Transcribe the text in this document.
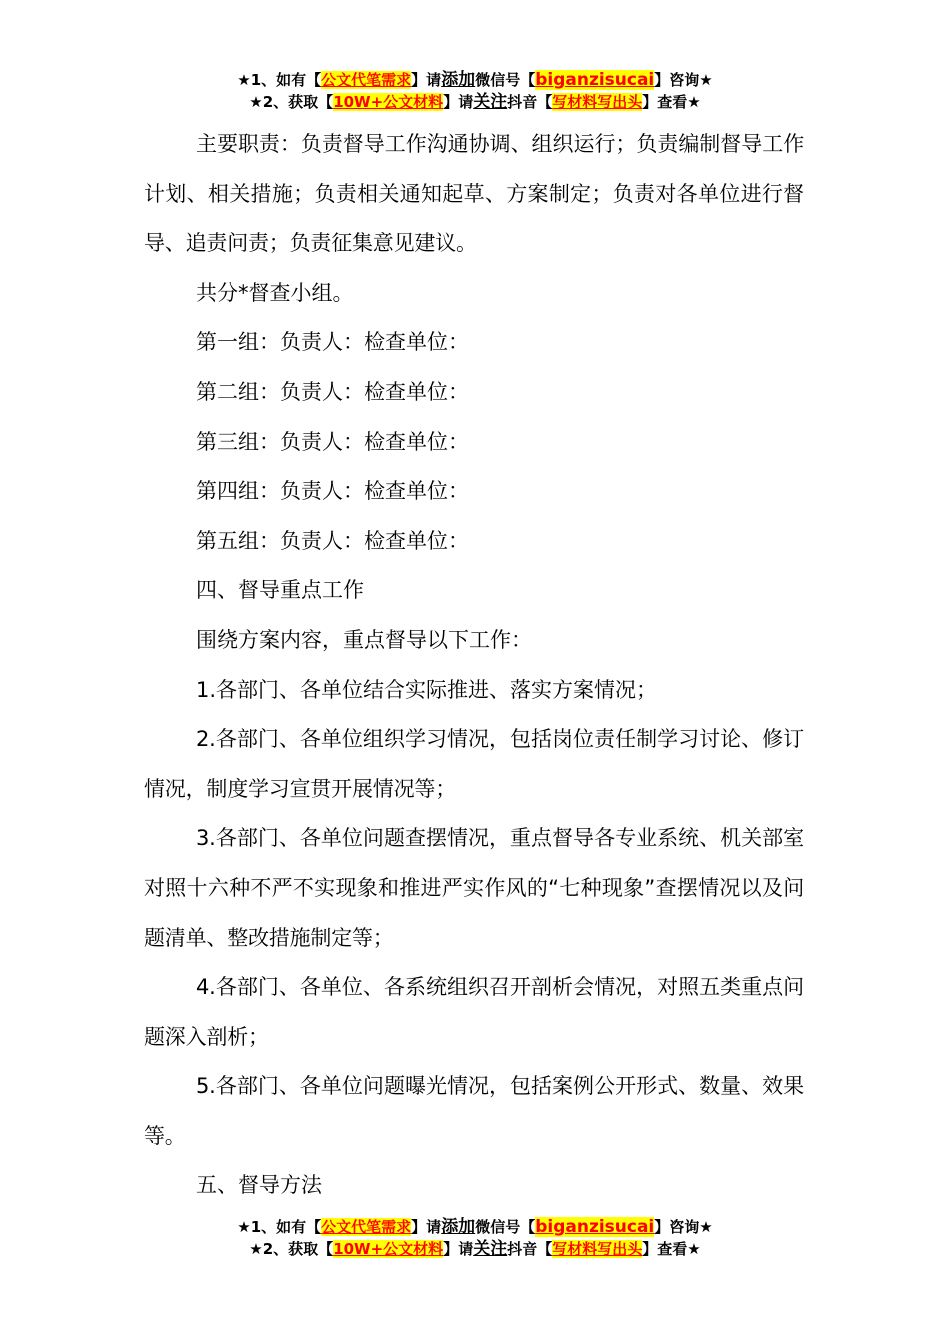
★1、如有【公文代笔需求】请添加微信号【biganzisucai】咨询★
★2、获取【10W+公文材料】请关注抖音【写材料写出头】查看★

主要职责：负责督导工作沟通协调、组织运行；负责编制督导工作计划、相关措施；负责相关通知起草、方案制定；负责对各单位进行督导、追责问责；负责征集意见建议。

共分*督查小组。

第一组：负责人：检查单位：

第二组：负责人：检查单位：

第三组：负责人：检查单位：

第四组：负责人：检查单位：

第五组：负责人：检查单位：

四、督导重点工作

围绕方案内容，重点督导以下工作：

1.各部门、各单位结合实际推进、落实方案情况；

2.各部门、各单位组织学习情况，包括岗位责任制学习讨论、修订情况，制度学习宣贯开展情况等；

3.各部门、各单位问题查摆情况，重点督导各专业系统、机关部室对照十六种不严不实现象和推进严实作风的“七种现象”查摆情况以及问题清单、整改措施制定等；

4.各部门、各单位、各系统组织召开剖析会情况，对照五类重点问题深入剖析；

5.各部门、各单位问题曝光情况，包括案例公开形式、数量、效果等。

五、督导方法

★1、如有【公文代笔需求】请添加微信号【biganzisucai】咨询★
★2、获取【10W+公文材料】请关注抖音【写材料写出头】查看★
